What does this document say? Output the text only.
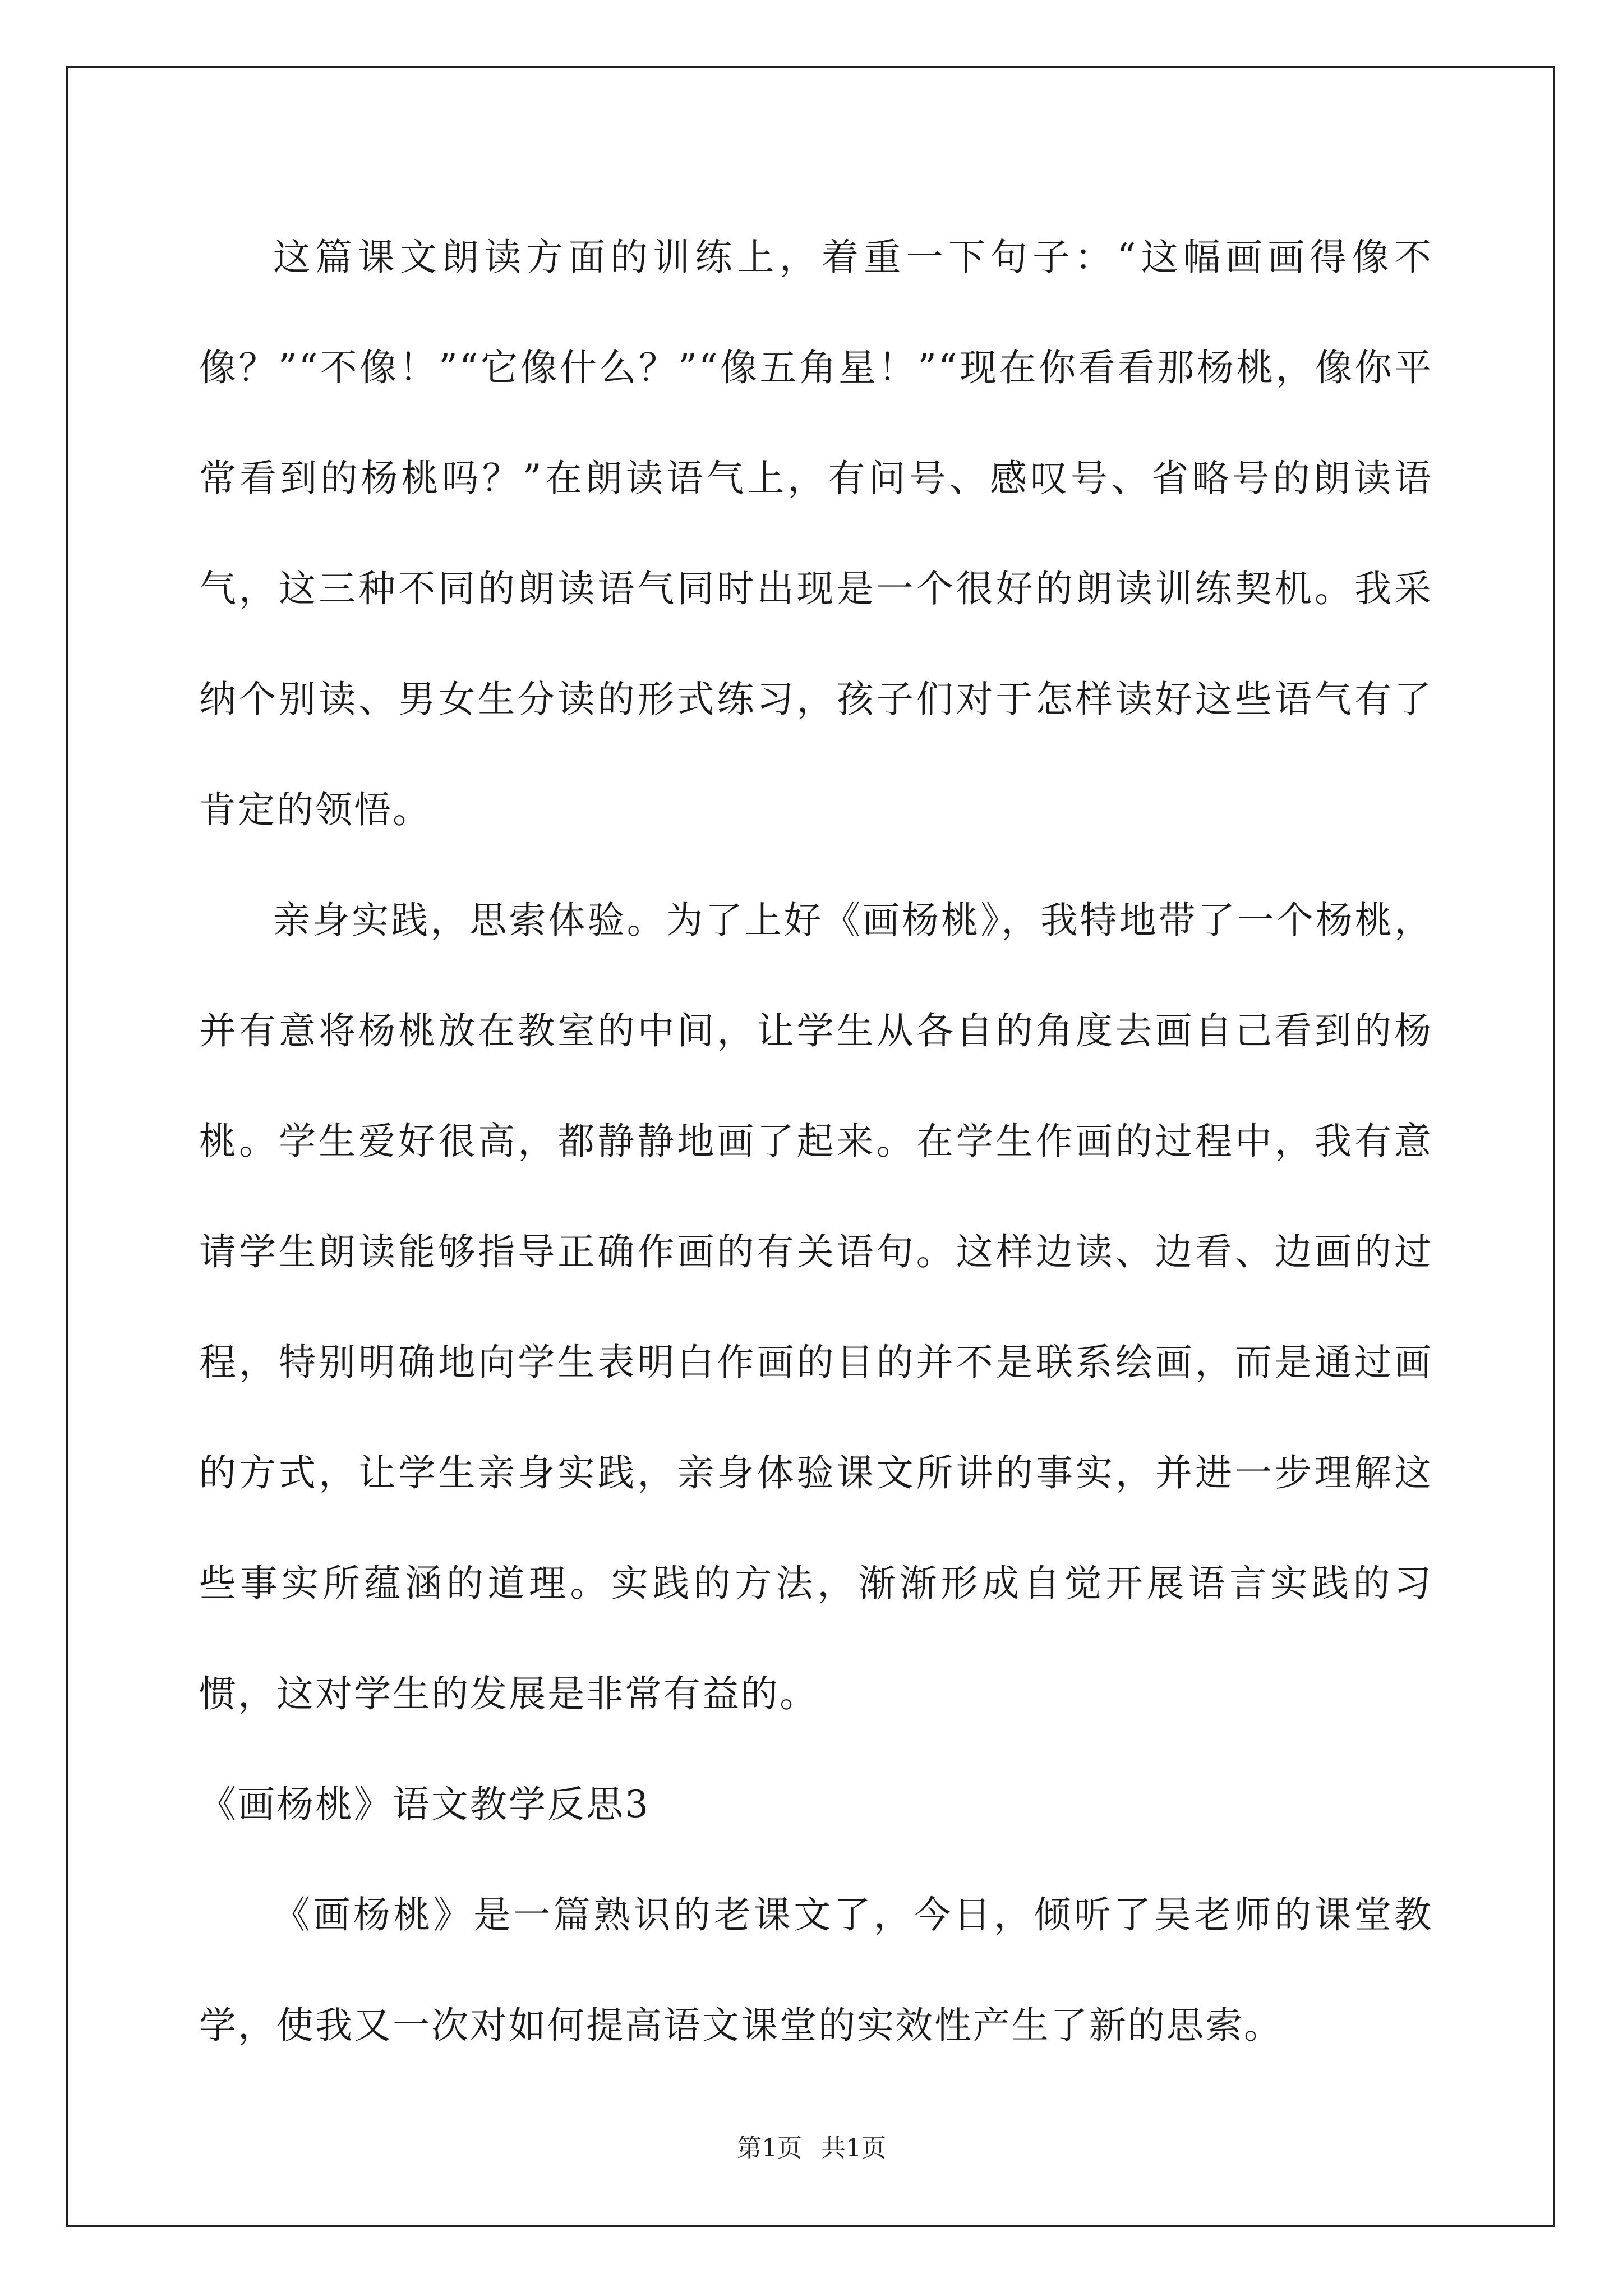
这篇课文朗读方面的训练上，着重一下句子：“这幅画画得像不像？”“不像！”“它像什么？”“像五角星！”“现在你看看那杨桃，像你平常看到的杨桃吗？”在朗读语气上，有问号、感叹号、省略号的朗读语气，这三种不同的朗读语气同时出现是一个很好的朗读训练契机。我采纳个别读、男女生分读的形式练习，孩子们对于怎样读好这些语气有了肯定的领悟。

亲身实践，思索体验。为了上好《画杨桃》，我特地带了一个杨桃，并有意将杨桃放在教室的中间，让学生从各自的角度去画自己看到的杨桃。学生爱好很高，都静静地画了起来。在学生作画的过程中，我有意请学生朗读能够指导正确作画的有关语句。这样边读、边看、边画的过程，特别明确地向学生表明白作画的目的并不是联系绘画，而是通过画的方式，让学生亲身实践，亲身体验课文所讲的事实，并进一步理解这些事实所蕴涵的道理。实践的方法，渐渐形成自觉开展语言实践的习惯，这对学生的发展是非常有益的。

《画杨桃》语文教学反思3

《画杨桃》是一篇熟识的老课文了，今日，倾听了吴老师的课堂教学，使我又一次对如何提高语文课堂的实效性产生了新的思索。

第1页 共1页
